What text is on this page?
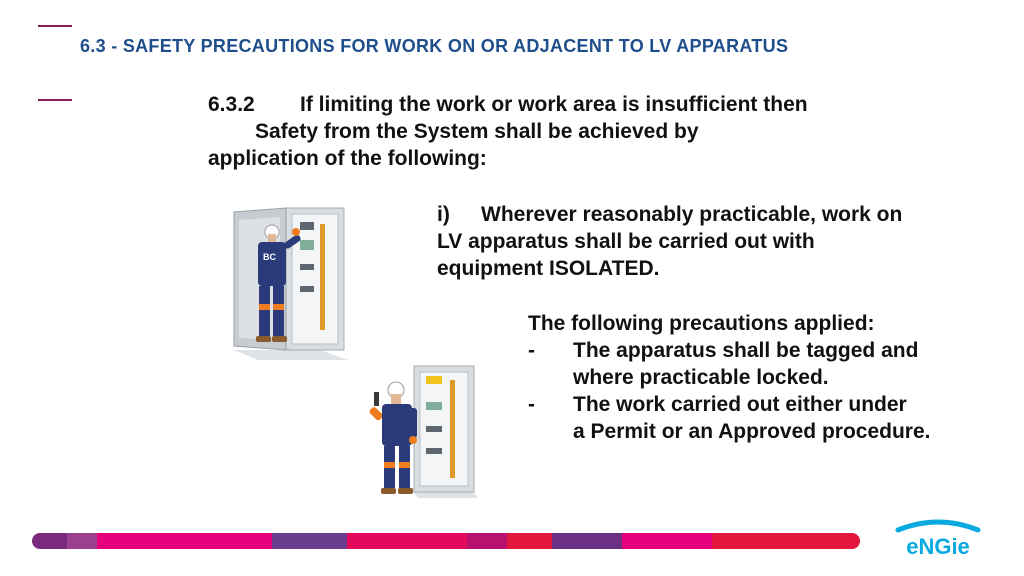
6.3 - SAFETY PRECAUTIONS FOR WORK ON OR ADJACENT TO LV APPARATUS
6.3.2 If limiting the work or work area is insufficient then
Safety from the System shall be achieved by
application of the following:
i) Wherever reasonably practicable, work on
LV apparatus shall be carried out with
equipment ISOLATED.
The following precautions applied:
- The apparatus shall be tagged and
where practicable locked.
- The work carried out either under
a Permit or an Approved procedure.
BC
eNGie
